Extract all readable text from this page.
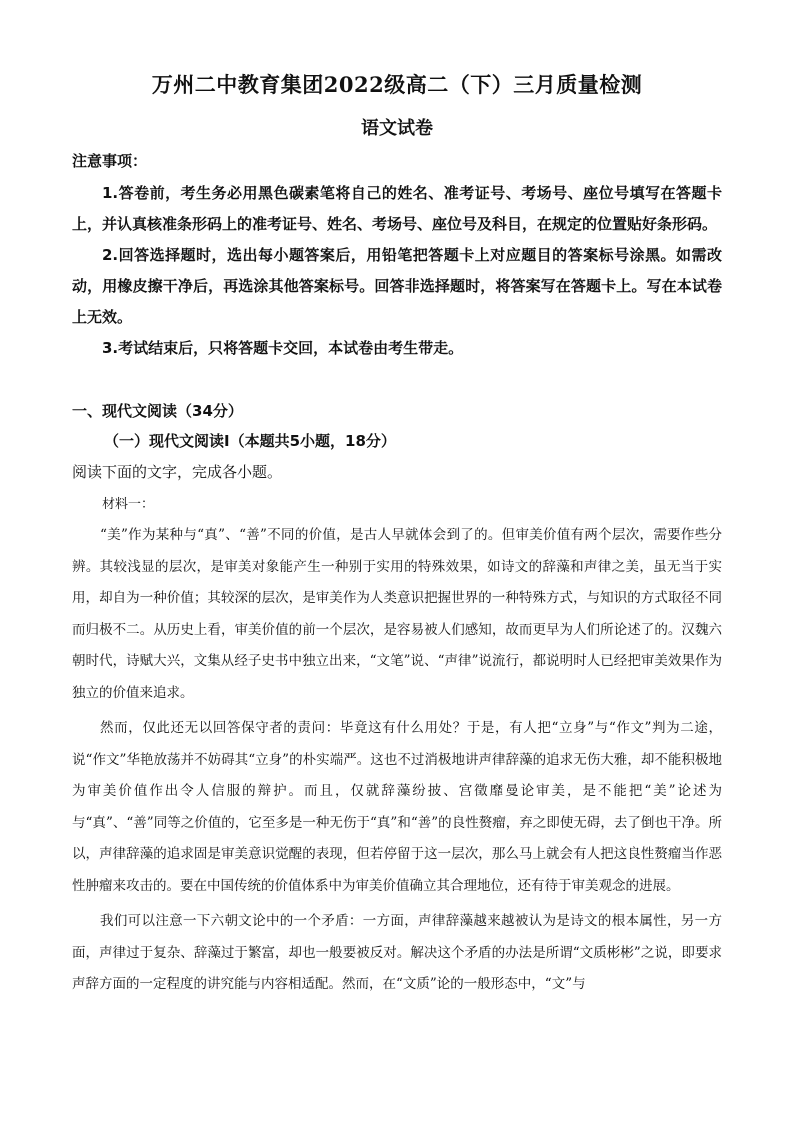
万州二中教育集团2022级高二（下）三月质量检测
语文试卷
注意事项：

1.答卷前，考生务必用黑色碳素笔将自己的姓名、准考证号、考场号、座位号填写在答题卡上，并认真核准条形码上的准考证号、姓名、考场号、座位号及科目，在规定的位置贴好条形码。

2.回答选择题时，选出每小题答案后，用铅笔把答题卡上对应题目的答案标号涂黑。如需改动，用橡皮擦干净后，再选涂其他答案标号。回答非选择题时，将答案写在答题卡上。写在本试卷上无效。

3.考试结束后，只将答题卡交回，本试卷由考生带走。

一、现代文阅读（34分）
（一）现代文阅读I（本题共5小题，18分）
阅读下面的文字，完成各小题。
材料一：

“美”作为某种与“真”、“善”不同的价值，是古人早就体会到了的。但审美价值有两个层次，需要作些分辨。其较浅显的层次，是审美对象能产生一种别于实用的特殊效果，如诗文的辞藻和声律之美，虽无当于实用，却自为一种价值；其较深的层次，是审美作为人类意识把握世界的一种特殊方式，与知识的方式取径不同而归极不二。从历史上看，审美价值的前一个层次，是容易被人们感知，故而更早为人们所论述了的。汉魏六朝时代，诗赋大兴，文集从经子史书中独立出来，“文笔”说、“声律”说流行，都说明时人已经把审美效果作为独立的价值来追求。

然而，仅此还无以回答保守者的责问：毕竟这有什么用处？于是，有人把“立身”与“作文”判为二途，说“作文”华艳放荡并不妨碍其“立身”的朴实端严。这也不过消极地讲声律辞藻的追求无伤大雅，却不能积极地为审美价值作出令人信服的辩护。而且，仅就辞藻纷披、宫徵靡曼论审美，是不能把“美”论述为与“真”、“善”同等之价值的，它至多是一种无伤于“真”和“善”的良性赘瘤，弃之即使无碍，去了倒也干净。所以，声律辞藻的追求固是审美意识觉醒的表现，但若停留于这一层次，那么马上就会有人把这良性赘瘤当作恶性肿瘤来攻击的。要在中国传统的价值体系中为审美价值确立其合理地位，还有待于审美观念的进展。

我们可以注意一下六朝文论中的一个矛盾：一方面，声律辞藻越来越被认为是诗文的根本属性，另一方面，声律过于复杂、辞藻过于繁富，却也一般要被反对。解决这个矛盾的办法是所谓“文质彬彬”之说，即要求声辞方面的一定程度的讲究能与内容相适配。然而，在“文质”论的一般形态中，“文”与
